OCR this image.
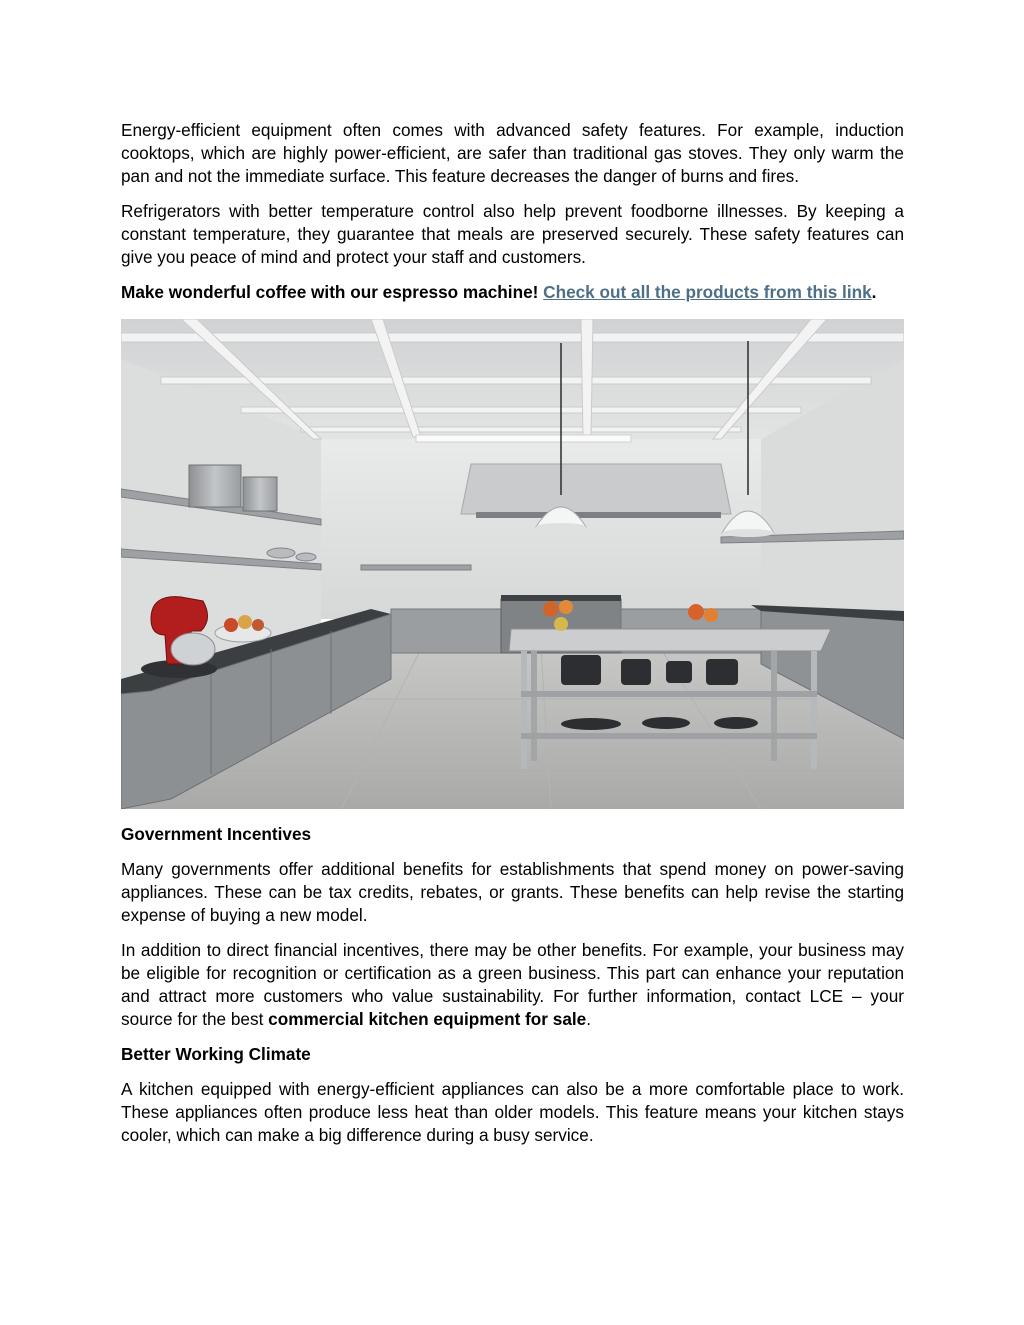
Energy-efficient equipment often comes with advanced safety features. For example, induction cooktops, which are highly power-efficient, are safer than traditional gas stoves. They only warm the pan and not the immediate surface. This feature decreases the danger of burns and fires.

Refrigerators with better temperature control also help prevent foodborne illnesses. By keeping a constant temperature, they guarantee that meals are preserved securely. These safety features can give you peace of mind and protect your staff and customers.

Make wonderful coffee with our espresso machine! Check out all the products from this link.

Government Incentives

Many governments offer additional benefits for establishments that spend money on power-saving appliances. These can be tax credits, rebates, or grants. These benefits can help revise the starting expense of buying a new model.

In addition to direct financial incentives, there may be other benefits. For example, your business may be eligible for recognition or certification as a green business. This part can enhance your reputation and attract more customers who value sustainability. For further information, contact LCE – your source for the best commercial kitchen equipment for sale.

Better Working Climate

A kitchen equipped with energy-efficient appliances can also be a more comfortable place to work. These appliances often produce less heat than older models. This feature means your kitchen stays cooler, which can make a big difference during a busy service.
